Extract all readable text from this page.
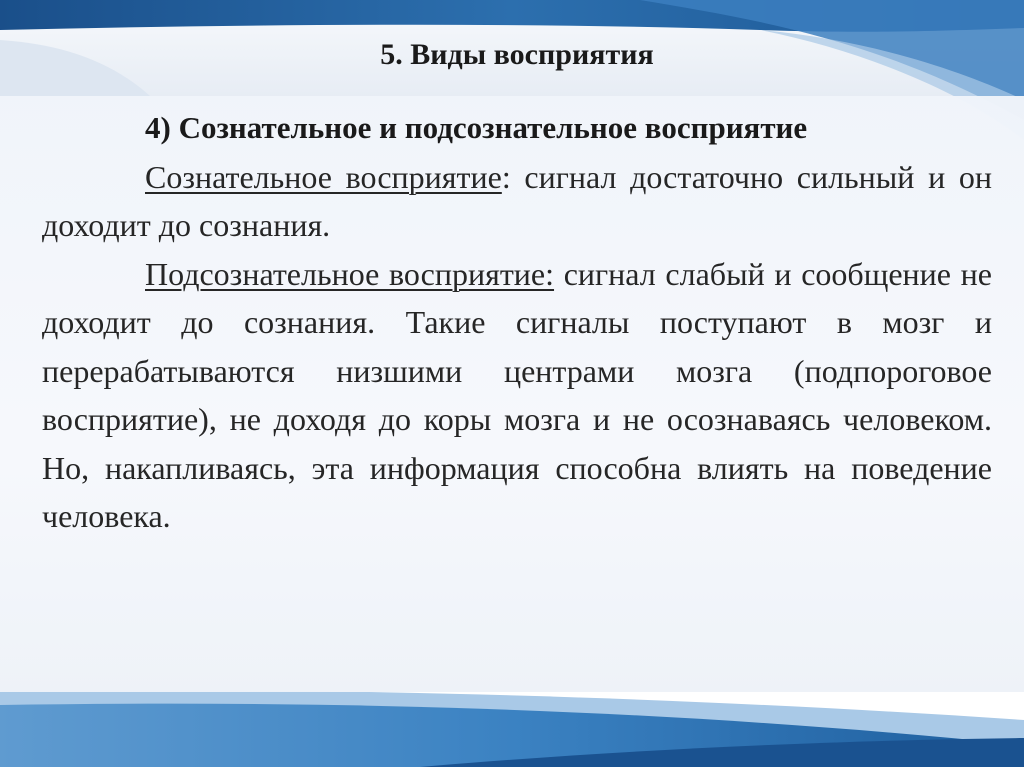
5. Виды восприятия

4) Сознательное и подсознательное восприятие

Сознательное восприятие: сигнал достаточно сильный и он доходит до сознания.

Подсознательное восприятие: сигнал слабый и сообщение не доходит до сознания. Такие сигналы поступают в мозг и перерабатываются низшими центрами мозга (подпороговое восприятие), не доходя до коры мозга и не осознаваясь человеком. Но, накапливаясь, эта информация способна влиять на поведение человека.
